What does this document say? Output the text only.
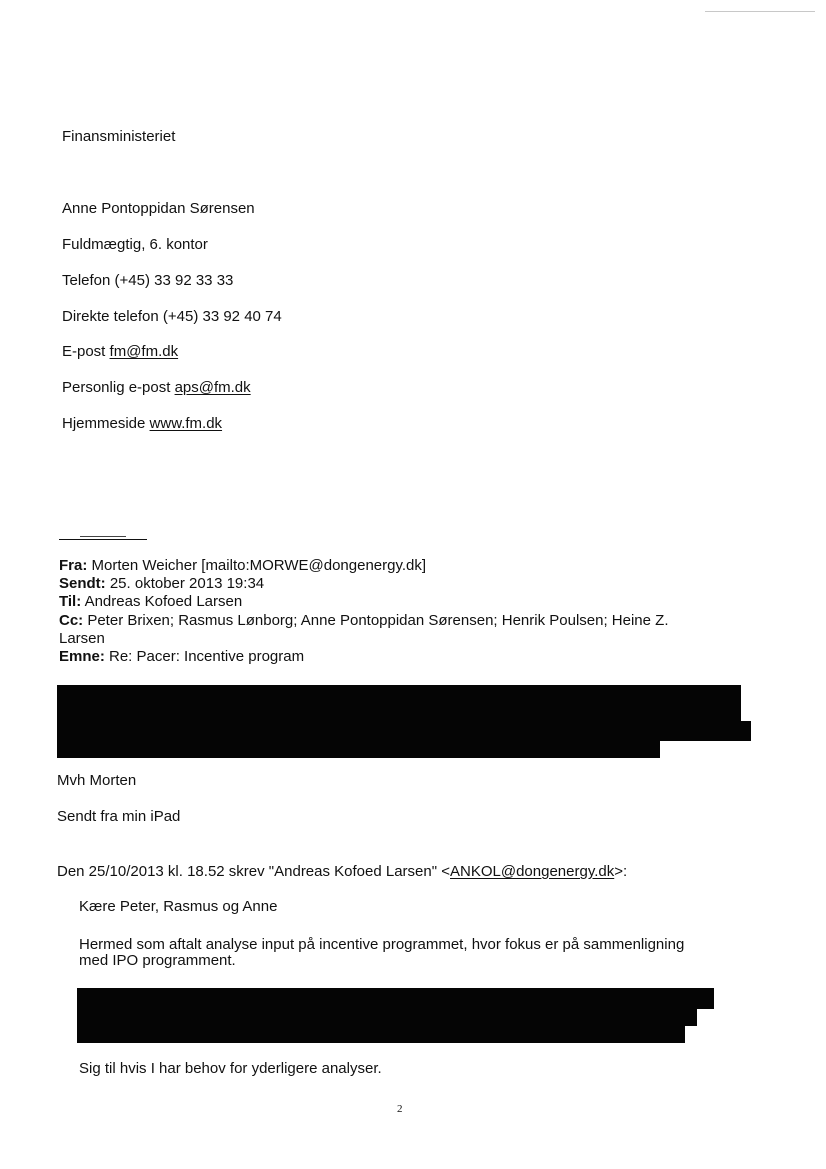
Finansministeriet
Anne Pontoppidan Sørensen
Fuldmægtig, 6. kontor
Telefon (+45) 33 92 33 33
Direkte telefon (+45) 33 92 40 74
E-post fm@fm.dk
Personlig e-post aps@fm.dk
Hjemmeside www.fm.dk
Fra: Morten Weicher [mailto:MORWE@dongenergy.dk]
Sendt: 25. oktober 2013 19:34
Til: Andreas Kofoed Larsen
Cc: Peter Brixen; Rasmus Lønborg; Anne Pontoppidan Sørensen; Henrik Poulsen; Heine Z.
Larsen
Emne: Re: Pacer: Incentive program
Mvh Morten
Sendt fra min iPad
Den 25/10/2013 kl. 18.52 skrev "Andreas Kofoed Larsen" <ANKOL@dongenergy.dk>:
Kære Peter, Rasmus og Anne
Hermed som aftalt analyse input på incentive programmet, hvor fokus er på sammenligning
med IPO programment.
Sig til hvis I har behov for yderligere analyser.
2
